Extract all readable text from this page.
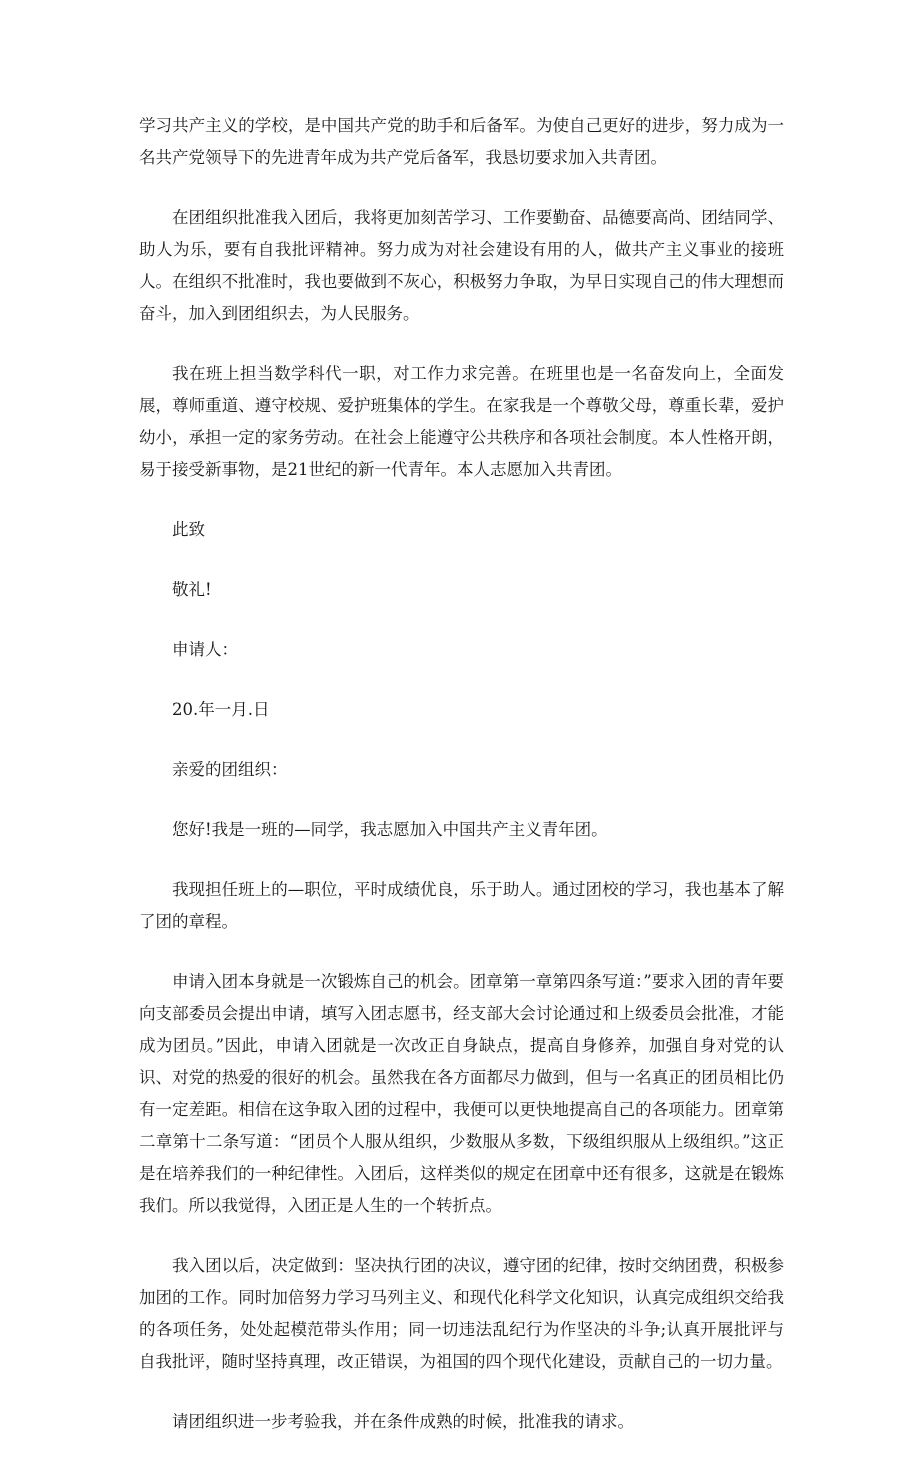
学习共产主义的学校，是中国共产党的助手和后备军。为使自己更好的进步，努力成为一名共产党领导下的先进青年成为共产党后备军，我恳切要求加入共青团。

在团组织批准我入团后，我将更加刻苦学习、工作要勤奋、品德要高尚、团结同学、助人为乐，要有自我批评精神。努力成为对社会建设有用的人，做共产主义事业的接班人。在组织不批准时，我也要做到不灰心，积极努力争取，为早日实现自己的伟大理想而奋斗，加入到团组织去，为人民服务。

我在班上担当数学科代一职，对工作力求完善。在班里也是一名奋发向上，全面发展，尊师重道、遵守校规、爱护班集体的学生。在家我是一个尊敬父母，尊重长辈，爱护幼小，承担一定的家务劳动。在社会上能遵守公共秩序和各项社会制度。本人性格开朗，易于接受新事物，是21世纪的新一代青年。本人志愿加入共青团。

此致

敬礼!

申请人：

20.年一月.日

亲爱的团组织：

您好!我是一班的—同学，我志愿加入中国共产主义青年团。

我现担任班上的—职位，平时成绩优良，乐于助人。通过团校的学习，我也基本了解了团的章程。

申请入团本身就是一次锻炼自己的机会。团章第一章第四条写道：”要求入团的青年要向支部委员会提出申请，填写入团志愿书，经支部大会讨论通过和上级委员会批准，才能成为团员。”因此，申请入团就是一次改正自身缺点，提高自身修养，加强自身对党的认识、对党的热爱的很好的机会。虽然我在各方面都尽力做到，但与一名真正的团员相比仍有一定差距。相信在这争取入团的过程中，我便可以更快地提高自己的各项能力。团章第二章第十二条写道：“团员个人服从组织，少数服从多数，下级组织服从上级组织。”这正是在培养我们的一种纪律性。入团后，这样类似的规定在团章中还有很多，这就是在锻炼我们。所以我觉得，入团正是人生的一个转折点。

我入团以后，决定做到：坚决执行团的决议，遵守团的纪律，按时交纳团费，积极参加团的工作。同时加倍努力学习马列主义、和现代化科学文化知识，认真完成组织交给我的各项任务，处处起模范带头作用；同一切违法乱纪行为作坚决的斗争;认真开展批评与自我批评，随时坚持真理，改正错误，为祖国的四个现代化建设，贡献自己的一切力量。

请团组织进一步考验我，并在条件成熟的时候，批准我的请求。
